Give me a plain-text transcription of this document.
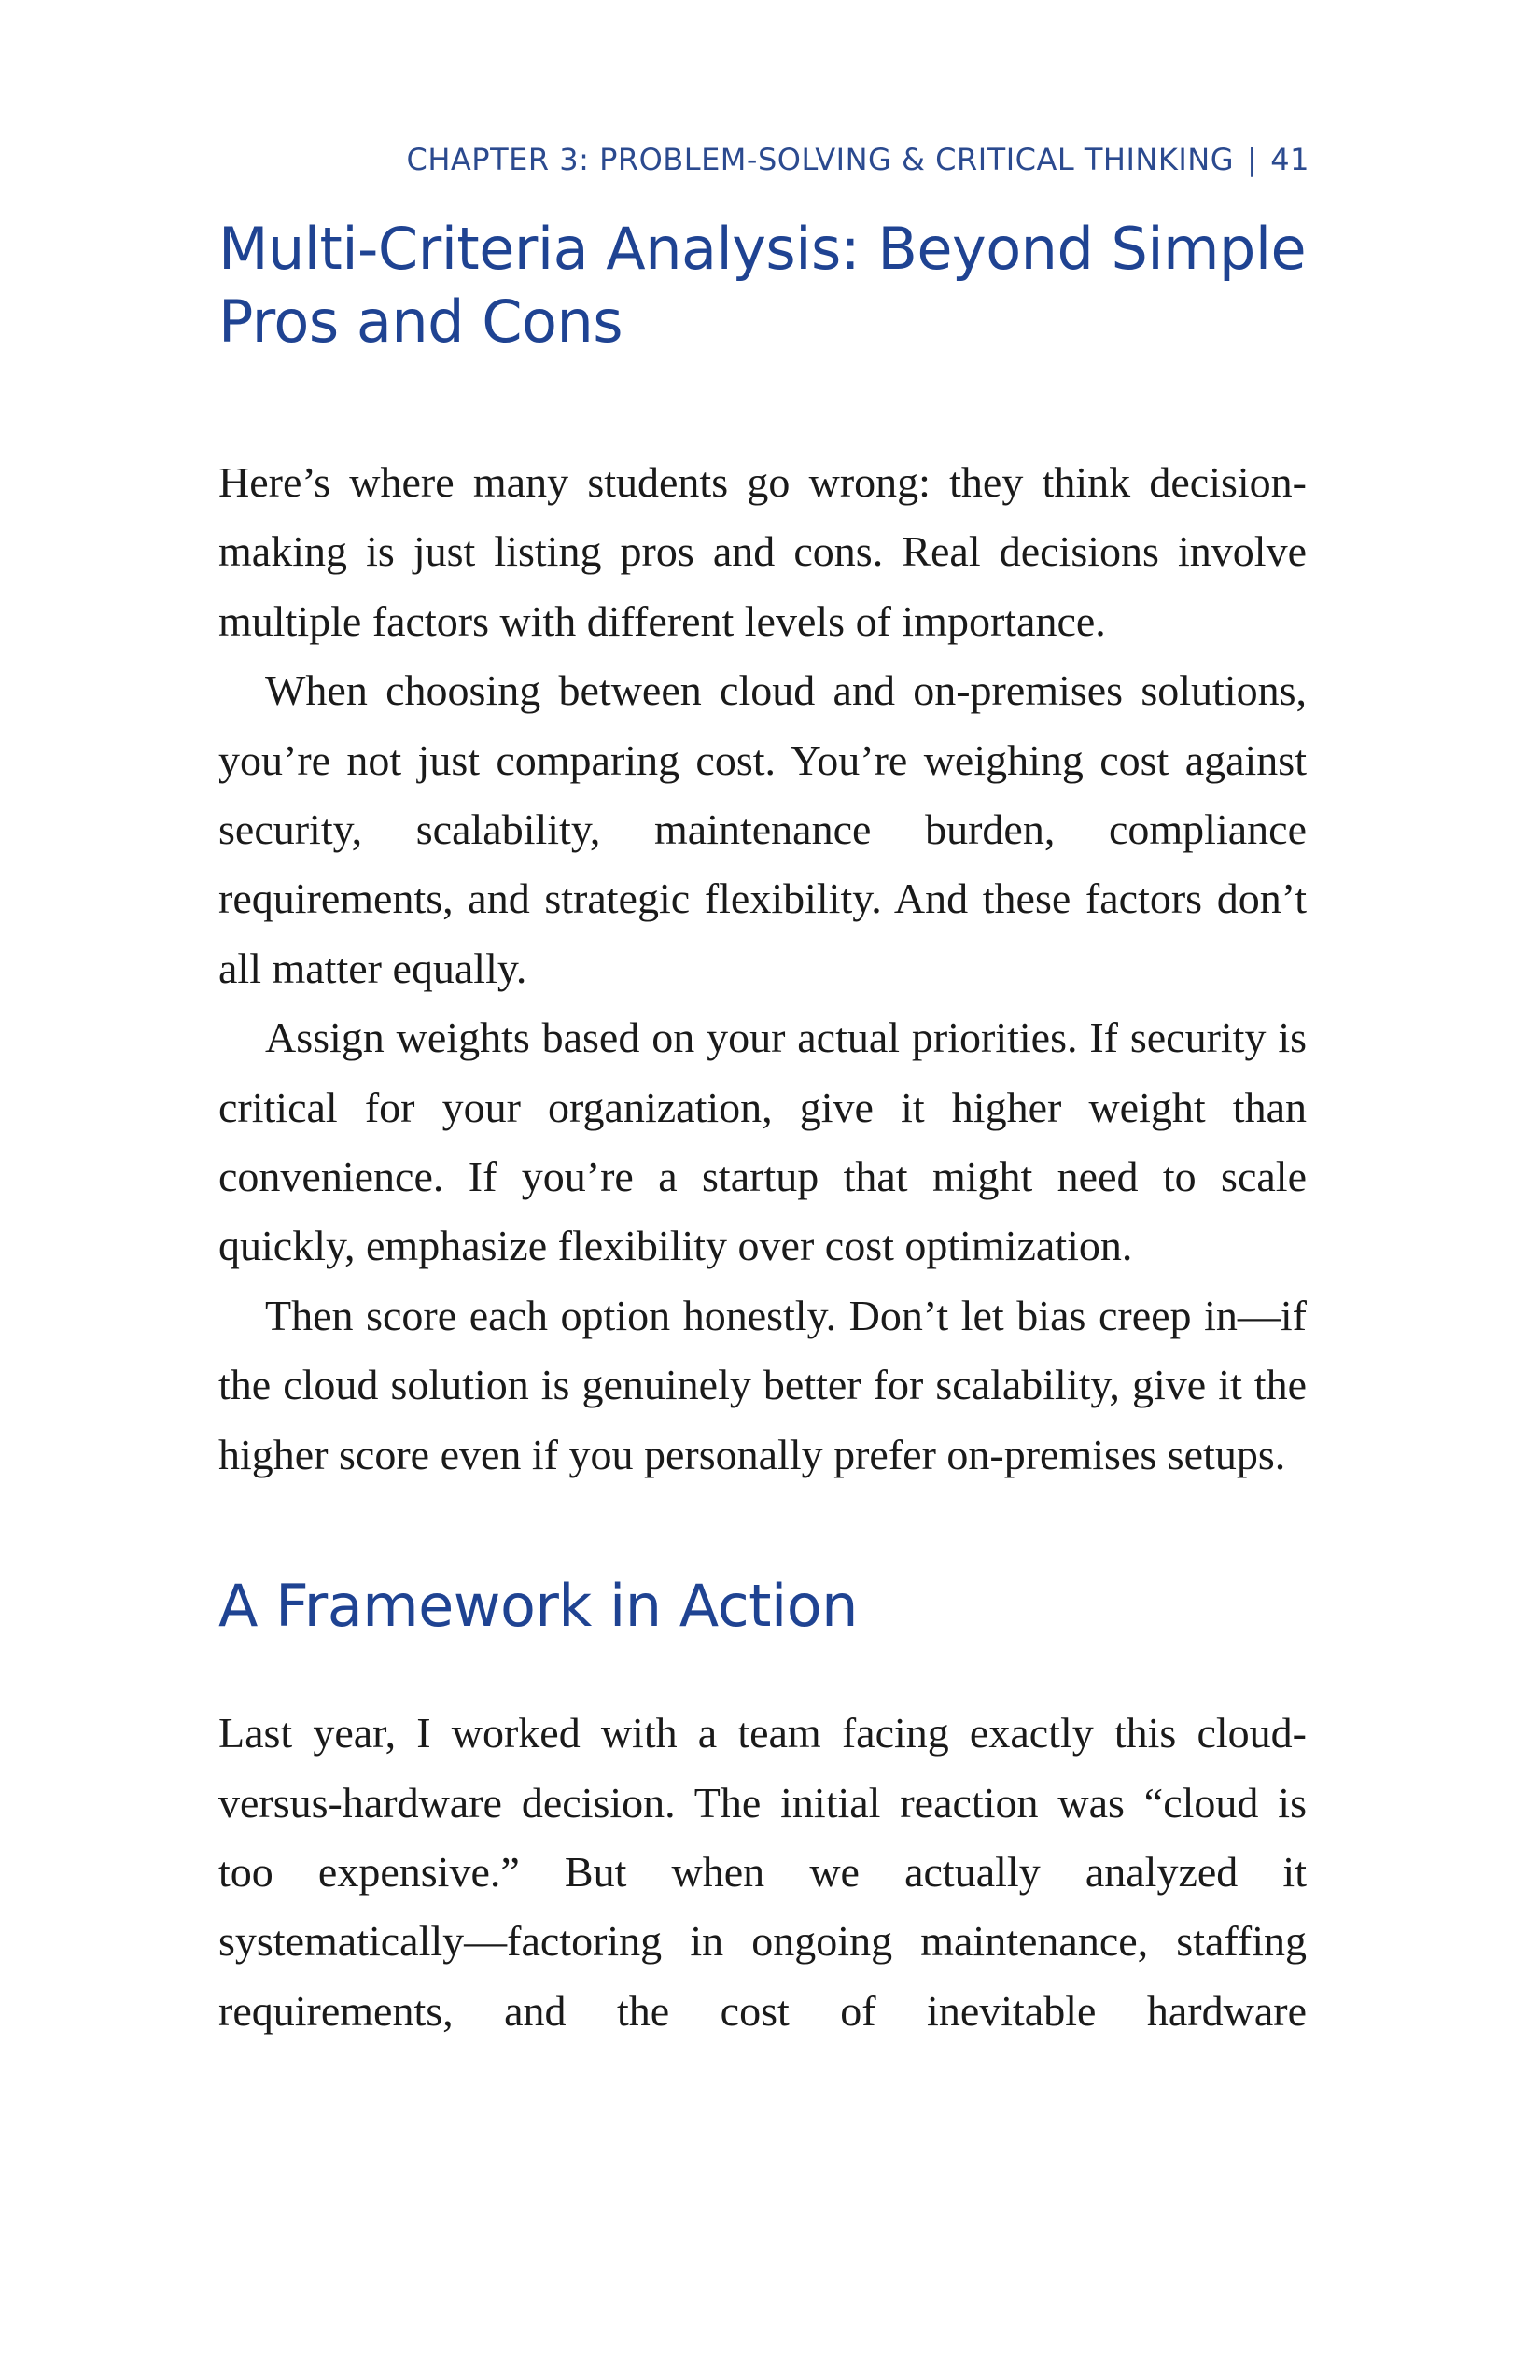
CHAPTER 3: PROBLEM-SOLVING & CRITICAL THINKING | 41
Multi-Criteria Analysis: Beyond Simple Pros and Cons

Here’s where many students go wrong: they think decision-making is just listing pros and cons. Real decisions involve multiple factors with different levels of importance.

When choosing between cloud and on-premises solutions, you’re not just comparing cost. You’re weighing cost against security, scalability, maintenance burden, compliance requirements, and strategic flexibility. And these factors don’t all matter equally.

Assign weights based on your actual priorities. If security is critical for your organization, give it higher weight than convenience. If you’re a startup that might need to scale quickly, emphasize flexibility over cost optimization.

Then score each option honestly. Don’t let bias creep in—if the cloud solution is genuinely better for scalability, give it the higher score even if you personally prefer on-premises setups.

A Framework in Action

Last year, I worked with a team facing exactly this cloud-versus-hardware decision. The initial reaction was “cloud is too expensive.” But when we actually analyzed it systematically—factoring in ongoing maintenance, staffing requirements, and the cost of inevitable hardware
